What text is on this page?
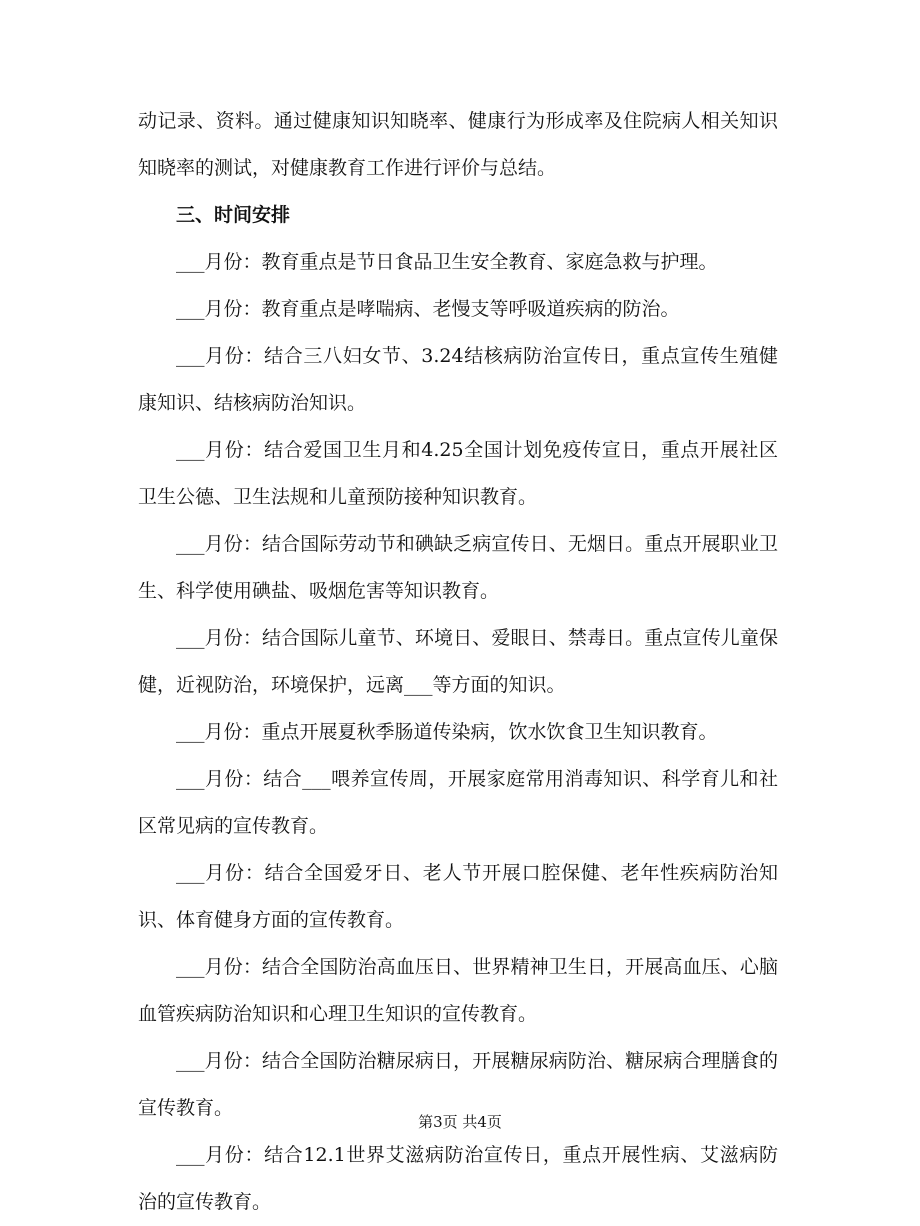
动记录、资料。通过健康知识知晓率、健康行为形成率及住院病人相关知识知晓率的测试，对健康教育工作进行评价与总结。

三、时间安排

___月份：教育重点是节日食品卫生安全教育、家庭急救与护理。

___月份：教育重点是哮喘病、老慢支等呼吸道疾病的防治。

___月份：结合三八妇女节、3.24结核病防治宣传日，重点宣传生殖健康知识、结核病防治知识。

___月份：结合爱国卫生月和4.25全国计划免疫传宣日，重点开展社区卫生公德、卫生法规和儿童预防接种知识教育。

___月份：结合国际劳动节和碘缺乏病宣传日、无烟日。重点开展职业卫生、科学使用碘盐、吸烟危害等知识教育。

___月份：结合国际儿童节、环境日、爱眼日、禁毒日。重点宣传儿童保健，近视防治，环境保护，远离___等方面的知识。

___月份：重点开展夏秋季肠道传染病，饮水饮食卫生知识教育。

___月份：结合___喂养宣传周，开展家庭常用消毒知识、科学育儿和社区常见病的宣传教育。

___月份：结合全国爱牙日、老人节开展口腔保健、老年性疾病防治知识、体育健身方面的宣传教育。

___月份：结合全国防治高血压日、世界精神卫生日，开展高血压、心脑血管疾病防治知识和心理卫生知识的宣传教育。

___月份：结合全国防治糖尿病日，开展糖尿病防治、糖尿病合理膳食的宣传教育。

___月份：结合12.1世界艾滋病防治宣传日，重点开展性病、艾滋病防治的宣传教育。

第3页 共4页
